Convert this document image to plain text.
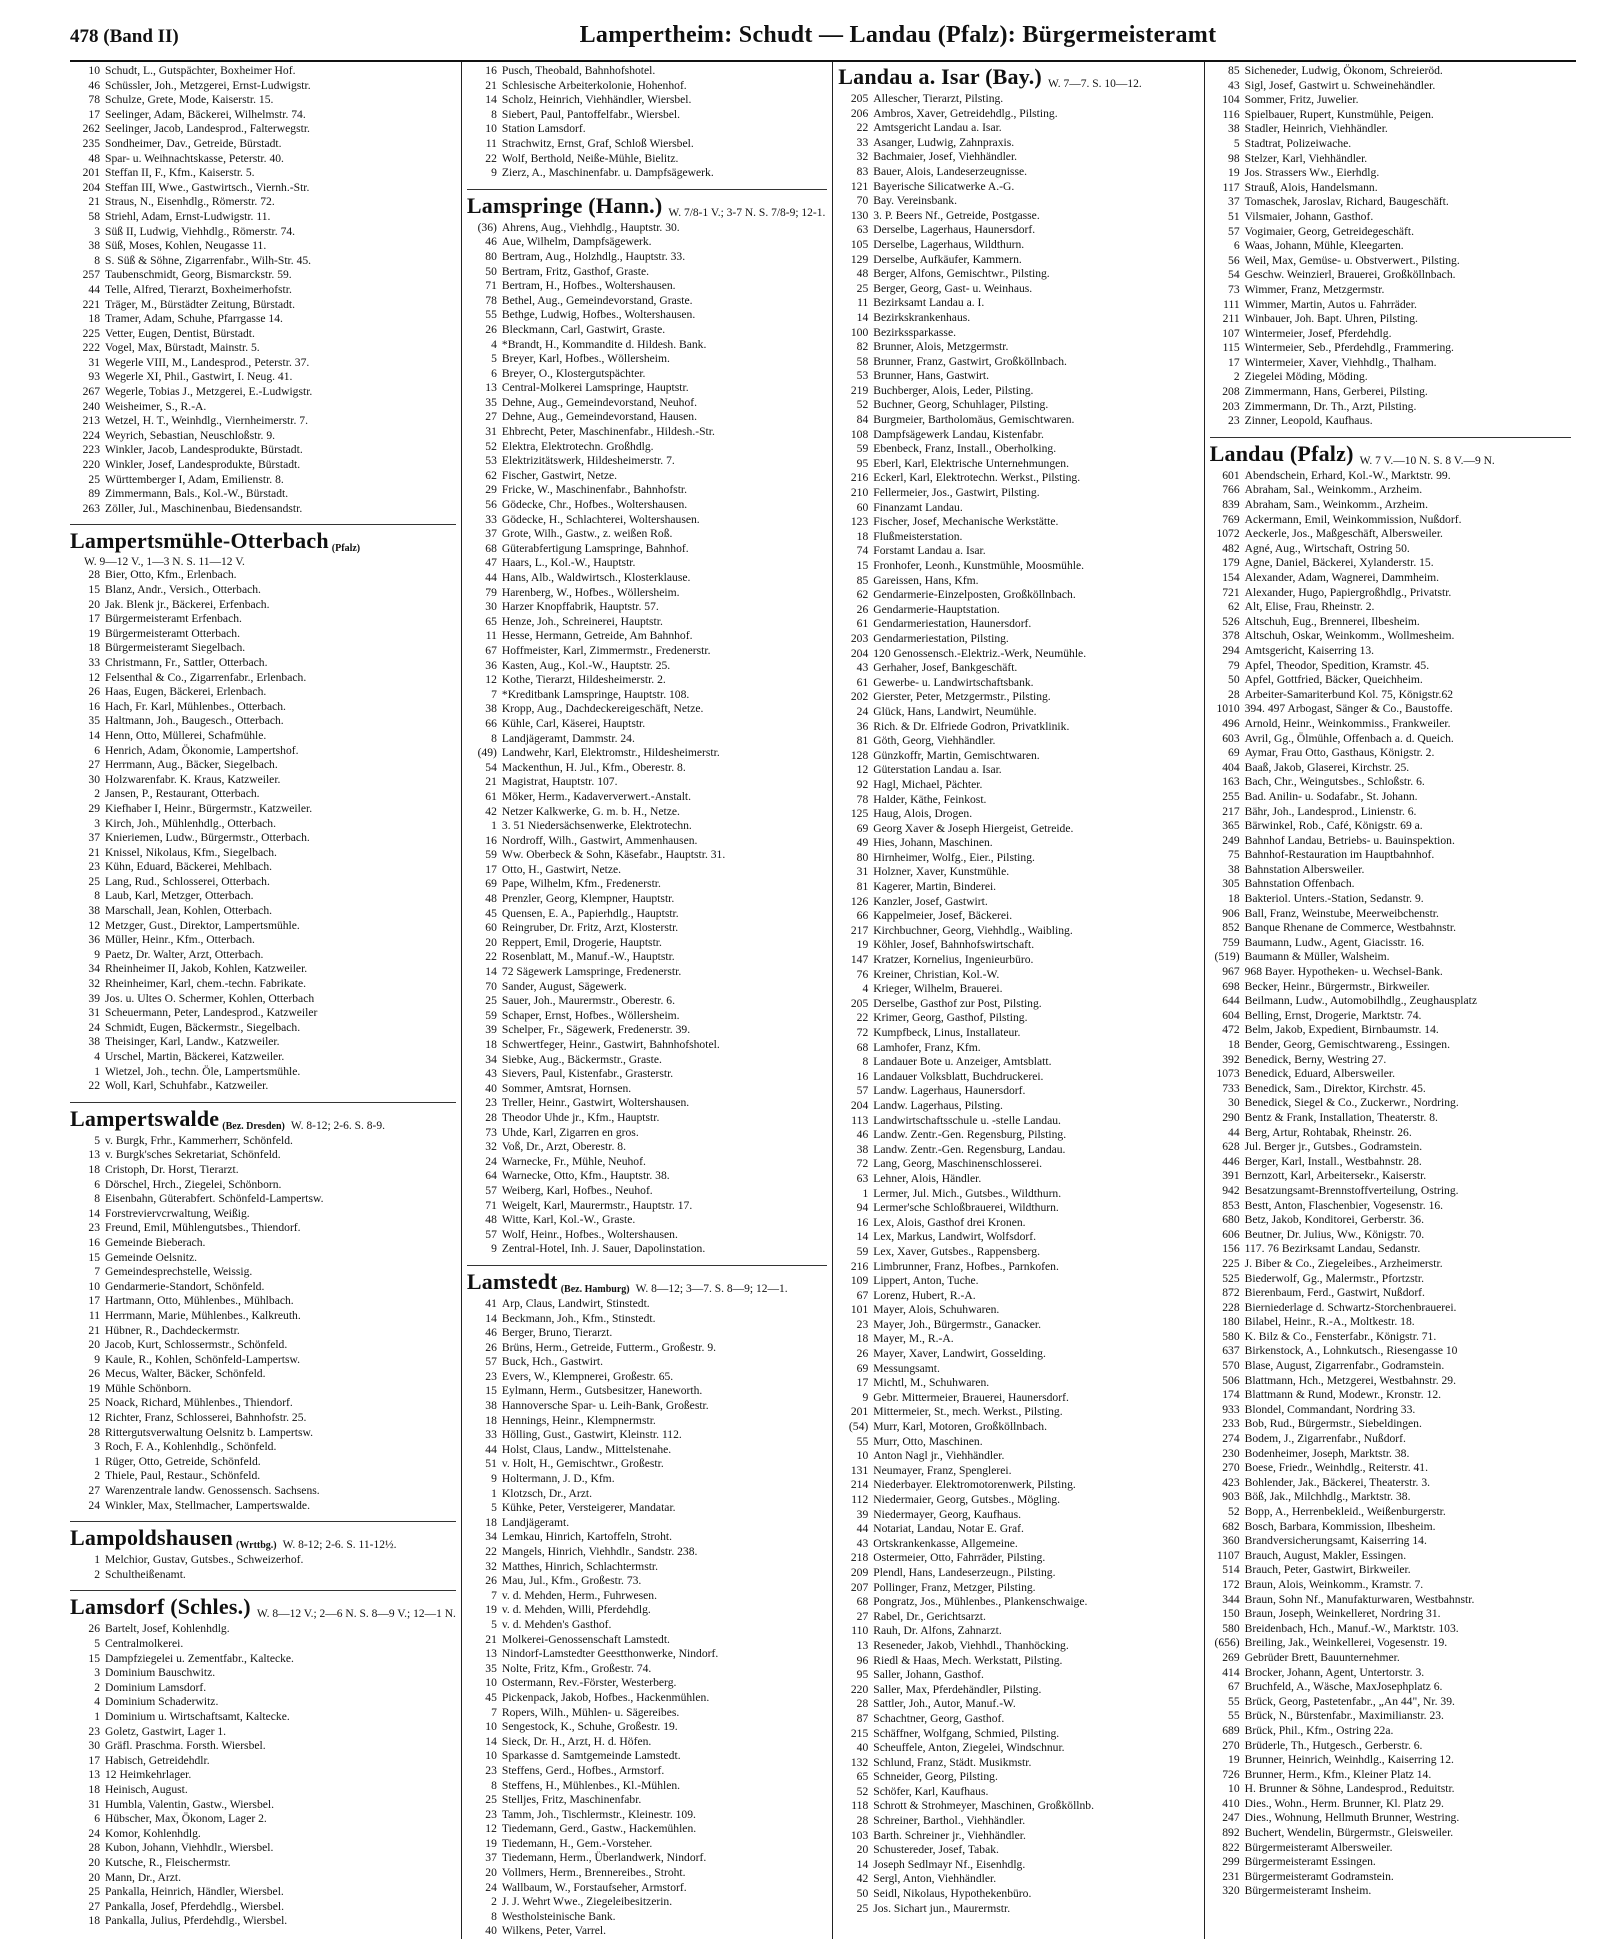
478 (Band II)	Lampertheim: Schudt — Landau (Pfalz): Bürgermeisteramt
10 Schudt, L., Gutspächter, Boxheimer Hof.
46 Schüssler, Joh., Metzgerei, Ernst-Ludwigstr.
78 Schulze, Grete, Mode, Kaiserstr. 15.
17 Seelinger, Adam, Bäckerei, Wilhelmstr. 74.
262 Seelinger, Jacob, Landesprod., Falterwegstr.
235 Sondheimer, Dav., Getreide, Bürstadt.
48 Spar- u. Weihnachtskasse, Peterstr. 40.
201 Steffan II, F., Kfm., Kaiserstr. 5.
204 Steffan III, Wwe., Gastwirtsch., Viernh.-Str.
21 Straus, N., Eisenhdlg., Römerstr. 72.
58 Striehl, Adam, Ernst-Ludwigstr. 11.
3 Süß II, Ludwig, Viehhdlg., Römerstr. 74.
38 Süß, Moses, Kohlen, Neugasse 11.
8 S. Süß & Söhne, Zigarrenfabr., Wilh-Str. 45.
257 Taubenschmidt, Georg, Bismarckstr. 59.
44 Telle, Alfred, Tierarzt, Boxheimerhofstr.
221 Träger, M., Bürstädter Zeitung, Bürstadt.
18 Tramer, Adam, Schuhe, Pfarrgasse 14.
225 Vetter, Eugen, Dentist, Bürstadt.
222 Vogel, Max, Bürstadt, Mainstr. 5.
31 Wegerle VIII, M., Landesprod., Peterstr. 37.
93 Wegerle XI, Phil., Gastwirt, I. Neug. 41.
267 Wegerle, Tobias J., Metzgerei, E.-Ludwigstr.
240 Weisheimer, S., R.-A.
213 Wetzel, H. T., Weinhdlg., Viernheimerstr. 7.
224 Weyrich, Sebastian, Neuschloßstr. 9.
223 Winkler, Jacob, Landesprodukte, Bürstadt.
220 Winkler, Josef, Landesprodukte, Bürstadt.
25 Württemberger I, Adam, Emilienstr. 8.
89 Zimmermann, Bals., Kol.-W., Bürstadt.
263 Zöller, Jul., Maschinenbau, Biedensandstr.
Lampertsmühle-Otterbach (Pfalz)
W. 9—12 V., 1—3 N. S. 11—12 V.
28 Bier, Otto, Kfm., Erlenbach.
15 Blanz, Andr., Versich., Otterbach.
20 Jak. Blenk jr., Bäckerei, Erfenbach.
17 Bürgermeisteramt Erfenbach.
19 Bürgermeisteramt Otterbach.
18 Bürgermeisteramt Siegelbach.
33 Christmann, Fr., Sattler, Otterbach.
12 Felsenthal & Co., Zigarrenfabr., Erlenbach.
26 Haas, Eugen, Bäckerei, Erlenbach.
16 Hach, Fr. Karl, Mühlenbes., Otterbach.
35 Haltmann, Joh., Baugesch., Otterbach.
14 Henn, Otto, Müllerei, Schafmühle.
6 Henrich, Adam, Ökonomie, Lampertshof.
27 Herrmann, Aug., Bäcker, Siegelbach.
30 Holzwarenfabr. K. Kraus, Katzweiler.
2 Jansen, P., Restaurant, Otterbach.
29 Kiefhaber I, Heinr., Bürgermstr., Katzweiler.
3 Kirch, Joh., Mühlenhdlg., Otterbach.
37 Knieriemen, Ludw., Bürgermstr., Otterbach.
21 Knissel, Nikolaus, Kfm., Siegelbach.
23 Kühn, Eduard, Bäckerei, Mehlbach.
25 Lang, Rud., Schlosserei, Otterbach.
8 Laub, Karl, Metzger, Otterbach.
38 Marschall, Jean, Kohlen, Otterbach.
12 Metzger, Gust., Direktor, Lampertsmühle.
36 Müller, Heinr., Kfm., Otterbach.
9 Paetz, Dr. Walter, Arzt, Otterbach.
34 Rheinheimer II, Jakob, Kohlen, Katzweiler.
32 Rheinheimer, Karl, chem.-techn. Fabrikate.
39 Jos. u. Ultes O. Schermer, Kohlen, Otterbach
31 Scheuermann, Peter, Landesprod., Katzweiler
24 Schmidt, Eugen, Bäckermstr., Siegelbach.
38 Theisinger, Karl, Landw., Katzweiler.
4 Urschel, Martin, Bäckerei, Katzweiler.
1 Wietzel, Joh., techn. Öle, Lampertsmühle.
22 Woll, Karl, Schuhfabr., Katzweiler.
Lampertswalde (Bez. Dresden) W. 8-12; 2-6. S. 8-9.
5 v. Burgk, Frhr., Kammerherr, Schönfeld.
13 v. Burgk'sches Sekretariat, Schönfeld.
18 Cristoph, Dr. Horst, Tierarzt.
6 Dörschel, Hrch., Ziegelei, Schönborn.
8 Eisenbahn, Güterabfert. Schönfeld-Lampertsw.
14 Forstreviervcrwaltung, Weißig.
23 Freund, Emil, Mühlengutsbes., Thiendorf.
16 Gemeinde Bieberach.
15 Gemeinde Oelsnitz.
7 Gemeindesprechstelle, Weissig.
10 Gendarmerie-Standort, Schönfeld.
17 Hartmann, Otto, Mühlenbes., Mühlbach.
11 Herrmann, Marie, Mühlenbes., Kalkreuth.
21 Hübner, R., Dachdeckermstr.
20 Jacob, Kurt, Schlossermstr., Schönfeld.
9 Kaule, R., Kohlen, Schönfeld-Lampertsw.
26 Mecus, Walter, Bäcker, Schönfeld.
19 Mühle Schönborn.
25 Noack, Richard, Mühlenbes., Thiendorf.
12 Richter, Franz, Schlosserei, Bahnhofstr. 25.
28 Rittergutsverwaltung Oelsnitz b. Lampertsw.
3 Roch, F. A., Kohlenhdlg., Schönfeld.
1 Rüger, Otto, Getreide, Schönfeld.
2 Thiele, Paul, Restaur., Schönfeld.
27 Warenzentrale landw. Genossensch. Sachsens.
24 Winkler, Max, Stellmacher, Lampertswalde.
Lampoldshausen (Wrttbg.) W. 8-12; 2-6. S. 11-12½.
1 Melchior, Gustav, Gutsbes., Schweizerhof.
2 Schultheißenamt.
Lamsdorf (Schles.) W. 8—12 V.; 2—6 N. S. 8—9 V.; 12—1 N.
26 Bartelt, Josef, Kohlenhdlg.
5 Centralmolkerei.
15 Dampfziegelei u. Zementfabr., Kaltecke.
3 Dominium Bauschwitz.
2 Dominium Lamsdorf.
4 Dominium Schaderwitz.
1 Dominium u. Wirtschaftsamt, Kaltecke.
23 Goletz, Gastwirt, Lager 1.
30 Gräfl. Praschma. Forsth. Wiersbel.
17 Habisch, Getreidehdlr.
13 12 Heimkehrlager.
18 Heinisch, August.
31 Humbla, Valentin, Gastw., Wiersbel.
6 Hübscher, Max, Ökonom, Lager 2.
24 Komor, Kohlenhdlg.
28 Kubon, Johann, Viehhdlr., Wiersbel.
20 Kutsche, R., Fleischermstr.
20 Mann, Dr., Arzt.
25 Pankalla, Heinrich, Händler, Wiersbel.
27 Pankalla, Josef, Pferdehdlg., Wiersbel.
18 Pankalla, Julius, Pferdehdlg., Wiersbel.
16 Pusch, Theobald, Bahnhofshotel.
21 Schlesische Arbeiterkolonie, Hohenhof.
14 Scholz, Heinrich, Viehhändler, Wiersbel.
8 Siebert, Paul, Pantoffelfabr., Wiersbel.
10 Station Lamsdorf.
11 Strachwitz, Ernst, Graf, Schloß Wiersbel.
22 Wolf, Berthold, Neiße-Mühle, Bielitz.
9 Zierz, A., Maschinenfabr. u. Dampfsägewerk.
Lamspringe (Hann.) W. 7/8-1 V.; 3-7 N. S. 7/8-9; 12-1.
(36) Ahrens, Aug., Viehhdlg., Hauptstr. 30.
46 Aue, Wilhelm, Dampfsägewerk.
80 Bertram, Aug., Holzhdlg., Hauptstr. 33.
50 Bertram, Fritz, Gasthof, Graste.
71 Bertram, H., Hofbes., Woltershausen.
78 Bethel, Aug., Gemeindevorstand, Graste.
55 Bethge, Ludwig, Hofbes., Woltershausen.
26 Bleckmann, Carl, Gastwirt, Graste.
4 *Brandt, H., Kommandite d. Hildesh. Bank.
5 Breyer, Karl, Hofbes., Wöllersheim.
6 Breyer, O., Klostergutspächter.
13 Central-Molkerei Lamspringe, Hauptstr.
35 Dehne, Aug., Gemeindevorstand, Neuhof.
27 Dehne, Aug., Gemeindevorstand, Hausen.
31 Ehbrecht, Peter, Maschinenfabr., Hildesh.-Str.
52 Elektra, Elektrotechn. Großhdlg.
53 Elektrizitätswerk, Hildesheimerstr. 7.
62 Fischer, Gastwirt, Netze.
29 Fricke, W., Maschinenfabr., Bahnhofstr.
56 Gödecke, Chr., Hofbes., Woltershausen.
33 Gödecke, H., Schlachterei, Woltershausen.
37 Grote, Wilh., Gastw., z. weißen Roß.
68 Güterabfertigung Lamspringe, Bahnhof.
47 Haars, L., Kol.-W., Hauptstr.
44 Hans, Alb., Waldwirtsch., Klosterklause.
79 Harenberg, W., Hofbes., Wöllersheim.
30 Harzer Knopffabrik, Hauptstr. 57.
65 Henze, Joh., Schreinerei, Hauptstr.
11 Hesse, Hermann, Getreide, Am Bahnhof.
67 Hoffmeister, Karl, Zimmermstr., Fredenerstr.
36 Kasten, Aug., Kol.-W., Hauptstr. 25.
12 Kothe, Tierarzt, Hildesheimerstr. 2.
7 *Kreditbank Lamspringe, Hauptstr. 108.
38 Kropp, Aug., Dachdeckereigeschäft, Netze.
66 Kühle, Carl, Käserei, Hauptstr.
8 Landjägeramt, Dammstr. 24.
(49) Landwehr, Karl, Elektromstr., Hildesheimerstr.
54 Mackenthun, H. Jul., Kfm., Oberestr. 8.
21 Magistrat, Hauptstr. 107.
61 Möker, Herm., Kadaververwert.-Anstalt.
42 Netzer Kalkwerke, G. m. b. H., Netze.
1 3. 51 Niedersächsenwerke, Elektrotechn.
16 Nordroff, Wilh., Gastwirt, Ammenhausen.
59 Ww. Oberbeck & Sohn, Käsefabr., Hauptstr. 31.
17 Otto, H., Gastwirt, Netze.
69 Pape, Wilhelm, Kfm., Fredenerstr.
48 Prenzler, Georg, Klempner, Hauptstr.
45 Quensen, E. A., Papierhdlg., Hauptstr.
60 Reingruber, Dr. Fritz, Arzt, Klosterstr.
20 Reppert, Emil, Drogerie, Hauptstr.
22 Rosenblatt, M., Manuf.-W., Hauptstr.
14 72 Sägewerk Lamspringe, Fredenerstr.
70 Sander, August, Sägewerk.
25 Sauer, Joh., Maurermstr., Oberestr. 6.
59 Schaper, Ernst, Hofbes., Wöllersheim.
39 Schelper, Fr., Sägewerk, Fredenerstr. 39.
18 Schwertfeger, Heinr., Gastwirt, Bahnhofshotel.
34 Siebke, Aug., Bäckermstr., Graste.
43 Sievers, Paul, Kistenfabr., Grasterstr.
40 Sommer, Amtsrat, Hornsen.
23 Treller, Heinr., Gastwirt, Woltershausen.
28 Theodor Uhde jr., Kfm., Hauptstr.
73 Uhde, Karl, Zigarren en gros.
32 Voß, Dr., Arzt, Oberestr. 8.
24 Warnecke, Fr., Mühle, Neuhof.
64 Warnecke, Otto, Kfm., Hauptstr. 38.
57 Weiberg, Karl, Hofbes., Neuhof.
71 Weigelt, Karl, Maurermstr., Hauptstr. 17.
48 Witte, Karl, Kol.-W., Graste.
57 Wolf, Heinr., Hofbes., Woltershausen.
9 Zentral-Hotel, Inh. J. Sauer, Dapolinstation.
Lamstedt (Bez. Hamburg) W. 8—12; 3—7. S. 8—9; 12—1.
41 Arp, Claus, Landwirt, Stinstedt.
14 Beckmann, Joh., Kfm., Stinstedt.
46 Berger, Bruno, Tierarzt.
26 Brüns, Herm., Getreide, Futterm., Großestr. 9.
57 Buck, Hch., Gastwirt.
23 Evers, W., Klempnerei, Großestr. 65.
15 Eylmann, Herm., Gutsbesitzer, Haneworth.
38 Hannoversche Spar- u. Leih-Bank, Großestr.
18 Hennings, Heinr., Klempnermstr.
33 Hölling, Gust., Gastwirt, Kleinstr. 112.
44 Holst, Claus, Landw., Mittelstenahe.
51 v. Holt, H., Gemischtwr., Großestr.
9 Holtermann, J. D., Kfm.
1 Klotzsch, Dr., Arzt.
5 Kühke, Peter, Versteigerer, Mandatar.
18 Landjägeramt.
34 Lemkau, Hinrich, Kartoffeln, Stroht.
22 Mangels, Hinrich, Viehhdlr., Sandstr. 238.
32 Matthes, Hinrich, Schlachtermstr.
26 Mau, Jul., Kfm., Großestr. 73.
7 v. d. Mehden, Herm., Fuhrwesen.
19 v. d. Mehden, Willi, Pferdehdlg.
5 v. d. Mehden's Gasthof.
21 Molkerei-Genossenschaft Lamstedt.
13 Nindorf-Lamstedter Geestthonwerke, Nindorf.
35 Nolte, Fritz, Kfm., Großestr. 74.
10 Ostermann, Rev.-Förster, Westerberg.
45 Pickenpack, Jakob, Hofbes., Hackenmühlen.
7 Ropers, Wilh., Mühlen- u. Sägereibes.
10 Sengestock, K., Schuhe, Großestr. 19.
14 Sieck, Dr. H., Arzt, H. d. Höfen.
10 Sparkasse d. Samtgemeinde Lamstedt.
23 Steffens, Gerd., Hofbes., Armstorf.
8 Steffens, H., Mühlenbes., Kl.-Mühlen.
25 Stelljes, Fritz, Maschinenfabr.
23 Tamm, Joh., Tischlermstr., Kleinestr. 109.
12 Tiedemann, Gerd., Gastw., Hackemühlen.
19 Tiedemann, H., Gem.-Vorsteher.
37 Tiedemann, Herm., Überlandwerk, Nindorf.
20 Vollmers, Herm., Brennereibes., Stroht.
24 Wallbaum, W., Forstaufseher, Armstorf.
2 J. J. Wehrt Wwe., Ziegeleibesitzerin.
8 Westholsteinische Bank.
40 Wilkens, Peter, Varrel.
Landau a. Isar (Bay.) W. 7—7. S. 10—12.
205 Allescher, Tierarzt, Pilsting.
206 Ambros, Xaver, Getreidehdlg., Pilsting.
22 Amtsgericht Landau a. Isar.
33 Asanger, Ludwig, Zahnpraxis.
32 Bachmaier, Josef, Viehhändler.
83 Bauer, Alois, Landeserzeugnisse.
121 Bayerische Silicatwerke A.-G.
70 Bay. Vereinsbank.
130 3. P. Beers Nf., Getreide, Postgasse.
63 Derselbe, Lagerhaus, Haunersdorf.
105 Derselbe, Lagerhaus, Wildthurn.
129 Derselbe, Aufkäufer, Kammern.
48 Berger, Alfons, Gemischtwr., Pilsting.
25 Berger, Georg, Gast- u. Weinhaus.
11 Bezirksamt Landau a. I.
14 Bezirkskrankenhaus.
100 Bezirkssparkasse.
82 Brunner, Alois, Metzgermstr.
58 Brunner, Franz, Gastwirt, Großköllnbach.
53 Brunner, Hans, Gastwirt.
219 Buchberger, Alois, Leder, Pilsting.
52 Buchner, Georg, Schuhlager, Pilsting.
84 Burgmeier, Bartholomäus, Gemischtwaren.
108 Dampfsägewerk Landau, Kistenfabr.
59 Ebenbeck, Franz, Install., Oberholking.
95 Eberl, Karl, Elektrische Unternehmungen.
216 Eckerl, Karl, Elektrotechn. Werkst., Pilsting.
210 Fellermeier, Jos., Gastwirt, Pilsting.
60 Finanzamt Landau.
123 Fischer, Josef, Mechanische Werkstätte.
18 Flußmeisterstation.
74 Forstamt Landau a. Isar.
15 Fronhofer, Leonh., Kunstmühle, Moosmühle.
85 Gareissen, Hans, Kfm.
62 Gendarmerie-Einzelposten, Großköllnbach.
26 Gendarmerie-Hauptstation.
61 Gendarmeriestation, Haunersdorf.
203 Gendarmeriestation, Pilsting.
204 120 Genossensch.-Elektriz.-Werk, Neumühle.
43 Gerhaher, Josef, Bankgeschäft.
61 Gewerbe- u. Landwirtschaftsbank.
202 Gierster, Peter, Metzgermstr., Pilsting.
24 Glück, Hans, Landwirt, Neumühle.
36 Rich. & Dr. Elfriede Godron, Privatklinik.
81 Göth, Georg, Viehhändler.
128 Günzkoffr, Martin, Gemischtwaren.
12 Güterstation Landau a. Isar.
92 Hagl, Michael, Pächter.
78 Halder, Käthe, Feinkost.
125 Haug, Alois, Drogen.
69 Georg Xaver & Joseph Hiergeist, Getreide.
49 Hies, Johann, Maschinen.
80 Hirnheimer, Wolfg., Eier., Pilsting.
31 Holzner, Xaver, Kunstmühle.
81 Kagerer, Martin, Binderei.
126 Kanzler, Josef, Gastwirt.
66 Kappelmeier, Josef, Bäckerei.
217 Kirchbuchner, Georg, Viehhdlg., Waibling.
19 Köhler, Josef, Bahnhofswirtschaft.
147 Kratzer, Kornelius, Ingenieurbüro.
76 Kreiner, Christian, Kol.-W.
4 Krieger, Wilhelm, Brauerei.
205 Derselbe, Gasthof zur Post, Pilsting.
22 Krimer, Georg, Gasthof, Pilsting.
72 Kumpfbeck, Linus, Installateur.
68 Lamhofer, Franz, Kfm.
8 Landauer Bote u. Anzeiger, Amtsblatt.
16 Landauer Volksblatt, Buchdruckerei.
57 Landw. Lagerhaus, Haunersdorf.
204 Landw. Lagerhaus, Pilsting.
113 Landwirtschaftsschule u. -stelle Landau.
46 Landw. Zentr.-Gen. Regensburg, Pilsting.
38 Landw. Zentr.-Gen. Regensburg, Landau.
72 Lang, Georg, Maschinenschlosserei.
63 Lehner, Alois, Händler.
1 Lermer, Jul. Mich., Gutsbes., Wildthurn.
94 Lermer'sche Schloßbrauerei, Wildthurn.
16 Lex, Alois, Gasthof drei Kronen.
14 Lex, Markus, Landwirt, Wolfsdorf.
59 Lex, Xaver, Gutsbes., Rappensberg.
216 Limbrunner, Franz, Hofbes., Parnkofen.
109 Lippert, Anton, Tuche.
67 Lorenz, Hubert, R.-A.
101 Mayer, Alois, Schuhwaren.
23 Mayer, Joh., Bürgermstr., Ganacker.
18 Mayer, M., R.-A.
26 Mayer, Xaver, Landwirt, Gosselding.
69 Messungsamt.
17 Michtl, M., Schuhwaren.
9 Gebr. Mittermeier, Brauerei, Haunersdorf.
201 Mittermeier, St., mech. Werkst., Pilsting.
(54) Murr, Karl, Motoren, Großköllnbach.
55 Murr, Otto, Maschinen.
10 Anton Nagl jr., Viehhändler.
131 Neumayer, Franz, Spenglerei.
214 Niederbayer. Elektromotorenwerk, Pilsting.
112 Niedermaier, Georg, Gutsbes., Mögling.
39 Niedermayer, Georg, Kaufhaus.
44 Notariat, Landau, Notar E. Graf.
43 Ortskrankenkasse, Allgemeine.
218 Ostermeier, Otto, Fahrräder, Pilsting.
209 Plendl, Hans, Landeserzeugn., Pilsting.
207 Pollinger, Franz, Metzger, Pilsting.
68 Pongratz, Jos., Mühlenbes., Plankenschwaige.
27 Rabel, Dr., Gerichtsarzt.
110 Rauh, Dr. Alfons, Zahnarzt.
13 Reseneder, Jakob, Viehhdl., Thanhöcking.
96 Riedl & Haas, Mech. Werkstatt, Pilsting.
95 Saller, Johann, Gasthof.
220 Saller, Max, Pferdehändler, Pilsting.
28 Sattler, Joh., Autor, Manuf.-W.
87 Schachtner, Georg, Gasthof.
215 Schäffner, Wolfgang, Schmied, Pilsting.
40 Scheuffele, Anton, Ziegelei, Windschnur.
132 Schlund, Franz, Städt. Musikmstr.
65 Schneider, Georg, Pilsting.
52 Schöfer, Karl, Kaufhaus.
118 Schrott & Strohmeyer, Maschinen, Großköllnb.
28 Schreiner, Barthol., Viehhändler.
103 Barth. Schreiner jr., Viehhändler.
20 Schustereder, Josef, Tabak.
14 Joseph Sedlmayr Nf., Eisenhdlg.
42 Sergl, Anton, Viehhändler.
50 Seidl, Nikolaus, Hypothekenbüro.
25 Jos. Sichart jun., Maurermstr.
85 Sicheneder, Ludwig, Ökonom, Schreieröd.
43 Sigl, Josef, Gastwirt u. Schweinehändler.
104 Sommer, Fritz, Juwelier.
116 Spielbauer, Rupert, Kunstmühle, Peigen.
38 Stadler, Heinrich, Viehhändler.
5 Stadtrat, Polizeiwache.
98 Stelzer, Karl, Viehhändler.
19 Jos. Strassers Ww., Eierhdlg.
117 Strauß, Alois, Handelsmann.
37 Tomaschek, Jaroslav, Richard, Baugeschäft.
51 Vilsmaier, Johann, Gasthof.
57 Vogimaier, Georg, Getreidegeschäft.
6 Waas, Johann, Mühle, Kleegarten.
56 Weil, Max, Gemüse- u. Obstverwert., Pilsting.
54 Geschw. Weinzierl, Brauerei, Großköllnbach.
73 Wimmer, Franz, Metzgermstr.
111 Wimmer, Martin, Autos u. Fahrräder.
211 Winbauer, Joh. Bapt. Uhren, Pilsting.
107 Wintermeier, Josef, Pferdehdlg.
115 Wintermeier, Seb., Pferdehdlg., Frammering.
17 Wintermeier, Xaver, Viehhdlg., Thalham.
2 Ziegelei Möding, Möding.
208 Zimmermann, Hans, Gerberei, Pilsting.
203 Zimmermann, Dr. Th., Arzt, Pilsting.
23 Zinner, Leopold, Kaufhaus.
Landau (Pfalz) W. 7 V.—10 N. S. 8 V.—9 N.
601 Abendschein, Erhard, Kol.-W., Marktstr. 99.
766 Abraham, Sal., Weinkomm., Arzheim.
839 Abraham, Sam., Weinkomm., Arzheim.
769 Ackermann, Emil, Weinkommission, Nußdorf.
1072 Aeckerle, Jos., Maßgeschäft, Albersweiler.
482 Agné, Aug., Wirtschaft, Ostring 50.
179 Agne, Daniel, Bäckerei, Xylanderstr. 15.
154 Alexander, Adam, Wagnerei, Dammheim.
721 Alexander, Hugo, Papiergroßhdlg., Privatstr.
62 Alt, Elise, Frau, Rheinstr. 2.
526 Altschuh, Eug., Brennerei, Ilbesheim.
378 Altschuh, Oskar, Weinkomm., Wollmesheim.
294 Amtsgericht, Kaiserring 13.
79 Apfel, Theodor, Spedition, Kramstr. 45.
50 Apfel, Gottfried, Bäcker, Queichheim.
28 Arbeiter-Samariterbund Kol. 75, Königstr.62
1010 394. 497 Arbogast, Sänger & Co., Baustoffe.
496 Arnold, Heinr., Weinkommiss., Frankweiler.
603 Avril, Gg., Ölmühle, Offenbach a. d. Queich.
69 Aymar, Frau Otto, Gasthaus, Königstr. 2.
404 Baaß, Jakob, Glaserei, Kirchstr. 25.
163 Bach, Chr., Weingutsbes., Schloßstr. 6.
255 Bad. Anilin- u. Sodafabr., St. Johann.
217 Bähr, Joh., Landesprod., Linienstr. 6.
365 Bärwinkel, Rob., Café, Königstr. 69 a.
249 Bahnhof Landau, Betriebs- u. Bauinspektion.
75 Bahnhof-Restauration im Hauptbahnhof.
38 Bahnstation Albersweiler.
305 Bahnstation Offenbach.
18 Bakteriol. Unters.-Station, Sedanstr. 9.
906 Ball, Franz, Weinstube, Meerweibchenstr.
852 Banque Rhenane de Commerce, Westbahnstr.
759 Baumann, Ludw., Agent, Giacisstr. 16.
(519) Baumann & Müller, Walsheim.
967 968 Bayer. Hypotheken- u. Wechsel-Bank.
698 Becker, Heinr., Bürgermstr., Birkweiler.
644 Beilmann, Ludw., Automobilhdlg., Zeughausplatz
604 Belling, Ernst, Drogerie, Marktstr. 74.
472 Belm, Jakob, Expedient, Birnbaumstr. 14.
18 Bender, Georg, Gemischtwareng., Essingen.
392 Benedick, Berny, Westring 27.
1073 Benedick, Eduard, Albersweiler.
733 Benedick, Sam., Direktor, Kirchstr. 45.
30 Benedick, Siegel & Co., Zuckerwr., Nordring.
290 Bentz & Frank, Installation, Theaterstr. 8.
44 Berg, Artur, Rohtabak, Rheinstr. 26.
628 Jul. Berger jr., Gutsbes., Godramstein.
446 Berger, Karl, Install., Westbahnstr. 28.
391 Bernzott, Karl, Arbeitersekr., Kaiserstr.
942 Besatzungsamt-Brennstoffverteilung, Ostring.
853 Bestt, Anton, Flaschenbier, Vogesenstr. 16.
680 Betz, Jakob, Konditorei, Gerberstr. 36.
606 Beutner, Dr. Julius, Ww., Königstr. 70.
156 117. 76 Bezirksamt Landau, Sedanstr.
225 J. Biber & Co., Ziegeleibes., Arzheimerstr.
525 Biederwolf, Gg., Malermstr., Pfortzstr.
872 Bierenbaum, Ferd., Gastwirt, Nußdorf.
228 Bierniederlage d. Schwartz-Storchenbrauerei.
180 Bilabel, Heinr., R.-A., Moltkestr. 18.
580 K. Bilz & Co., Fensterfabr., Königstr. 71.
637 Birkenstock, A., Lohnkutsch., Riesengasse 10
570 Blase, August, Zigarrenfabr., Godramstein.
506 Blattmann, Hch., Metzgerei, Westbahnstr. 29.
174 Blattmann & Rund, Modewr., Kronstr. 12.
933 Blondel, Commandant, Nordring 33.
233 Bob, Rud., Bürgermstr., Siebeldingen.
274 Bodem, J., Zigarrenfabr., Nußdorf.
230 Bodenheimer, Joseph, Marktstr. 38.
270 Boese, Friedr., Weinhdlg., Reiterstr. 41.
423 Bohlender, Jak., Bäckerei, Theaterstr. 3.
903 Böß, Jak., Milchhdlg., Marktstr. 38.
52 Bopp, A., Herrenbekleid., Weißenburgerstr.
682 Bosch, Barbara, Kommission, Ilbesheim.
360 Brandversicherungsamt, Kaiserring 14.
1107 Brauch, August, Makler, Essingen.
514 Brauch, Peter, Gastwirt, Birkweiler.
172 Braun, Alois, Weinkomm., Kramstr. 7.
344 Braun, Sohn Nf., Manufakturwaren, Westbahnstr.
150 Braun, Joseph, Weinkelleret, Nordring 31.
580 Breidenbach, Hch., Manuf.-W., Marktstr. 103.
(656) Breiling, Jak., Weinkellerei, Vogesenstr. 19.
269 Gebrüder Brett, Bauunternehmer.
414 Brocker, Johann, Agent, Untertorstr. 3.
67 Bruchfeld, A., Wäsche, MaxJosephplatz 6.
55 Brück, Georg, Pastetenfabr., „An 44", Nr. 39.
55 Brück, N., Bürstenfabr., Maximilianstr. 23.
689 Brück, Phil., Kfm., Ostring 22a.
270 Brüderle, Th., Hutgesch., Gerberstr. 6.
19 Brunner, Heinrich, Weinhdlg., Kaiserring 12.
726 Brunner, Herm., Kfm., Kleiner Platz 14.
10 H. Brunner & Söhne, Landesprod., Reduitstr.
410 Dies., Wohn., Herm. Brunner, Kl. Platz 29.
247 Dies., Wohnung, Hellmuth Brunner, Westring.
892 Buchert, Wendelin, Bürgermstr., Gleisweiler.
822 Bürgermeisteramt Albersweiler.
299 Bürgermeisteramt Essingen.
231 Bürgermeisteramt Godramstein.
320 Bürgermeisteramt Insheim.
